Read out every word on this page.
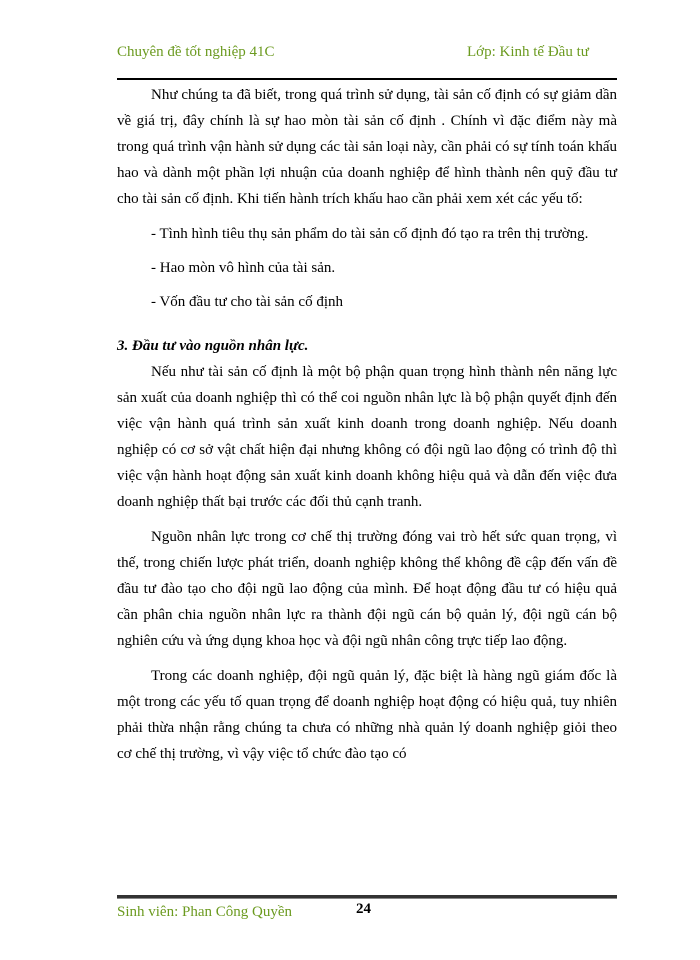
Chuyên đề tốt nghiệp 41C	Lớp: Kinh tế Đầu tư

Như chúng ta đã biết, trong quá trình sử dụng, tài sản cố định có sự giảm dần về giá trị, đây chính là sự hao mòn tài sản cố định . Chính vì đặc điểm này mà trong quá trình vận hành sử dụng các tài sản loại này, cần phải có sự tính toán khấu hao và dành một phần lợi nhuận của doanh nghiệp để hình thành nên quỹ đầu tư cho tài sản cố định. Khi tiến hành trích khấu hao cần phải xem xét các yếu tố:

- Tình hình tiêu thụ sản phẩm do tài sản cố định đó tạo ra trên thị trường.

- Hao mòn vô hình của tài sản.

- Vốn đầu tư cho tài sản cố định

3. Đầu tư vào nguồn nhân lực.

Nếu như tài sản cố định là một bộ phận quan trọng hình thành nên năng lực sản xuất của doanh nghiệp thì có thể coi nguồn nhân lực là bộ phận quyết định đến việc vận hành quá trình sản xuất kinh doanh trong doanh nghiệp. Nếu doanh nghiệp có cơ sở vật chất hiện đại nhưng không có đội ngũ lao động có trình độ thì việc vận hành hoạt động sản xuất kinh doanh không hiệu quả và dẫn đến việc đưa doanh nghiệp thất bại trước các đối thủ cạnh tranh.

Nguồn nhân lực trong cơ chế thị trường đóng vai trò hết sức quan trọng, vì thế, trong chiến lược phát triển, doanh nghiệp không thể không đề cập đến vấn đề đầu tư đào tạo cho đội ngũ lao động của mình. Để hoạt động đầu tư có hiệu quả cần phân chia nguồn nhân lực ra thành đội ngũ cán bộ quản lý, đội ngũ cán bộ nghiên cứu và ứng dụng khoa học và đội ngũ nhân công trực tiếp lao động.

Trong các doanh nghiệp, đội ngũ quản lý, đặc biệt là hàng ngũ giám đốc là một trong các yếu tố quan trọng để doanh nghiệp hoạt động có hiệu quả, tuy nhiên phải thừa nhận rằng chúng ta chưa có những nhà quản lý doanh nghiệp giỏi theo cơ chế thị trường, vì vậy việc tổ chức đào tạo có

Sinh viên: Phan Công Quyền	24
